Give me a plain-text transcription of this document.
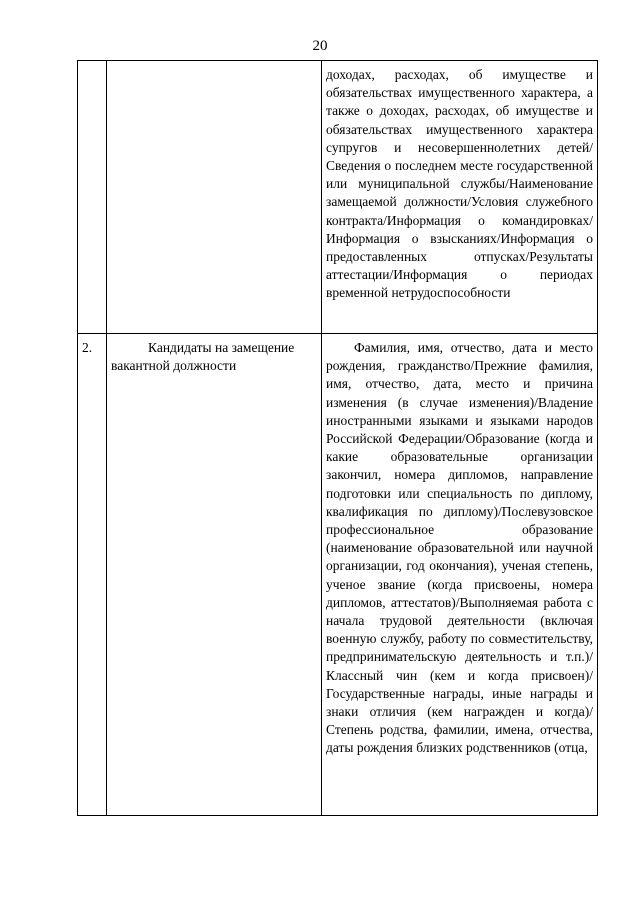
20
		доходах, расходах, об имуществе и обязательствах имущественного характера, а также о доходах, расходах, об имуществе и обязательствах имущественного характера супругов и несовершеннолетних детей/Сведения о последнем месте государственной или муниципальной службы/Наименование замещаемой должности/Условия служебного контракта/Информация о командировках/Информация о взысканиях/Информация о предоставленных отпусках/Результаты аттестации/Информация о периодах временной нетрудоспособности
2.	Кандидаты на замещение вакантной должности	Фамилия, имя, отчество, дата и место рождения, гражданство/Прежние фамилия, имя, отчество, дата, место и причина изменения (в случае изменения)/Владение иностранными языками и языками народов Российской Федерации/Образование (когда и какие образовательные организации закончил, номера дипломов, направление подготовки или специальность по диплому, квалификация по диплому)/Послевузовское профессиональное образование (наименование образовательной или научной организации, год окончания), ученая степень, ученое звание (когда присвоены, номера дипломов, аттестатов)/Выполняемая работа с начала трудовой деятельности (включая военную службу, работу по совместительству, предпринимательскую деятельность и т.п.)/Классный чин (кем и когда присвоен)/Государственные награды, иные награды и знаки отличия (кем награжден и когда)/Степень родства, фамилии, имена, отчества, даты рождения близких родственников (отца,
